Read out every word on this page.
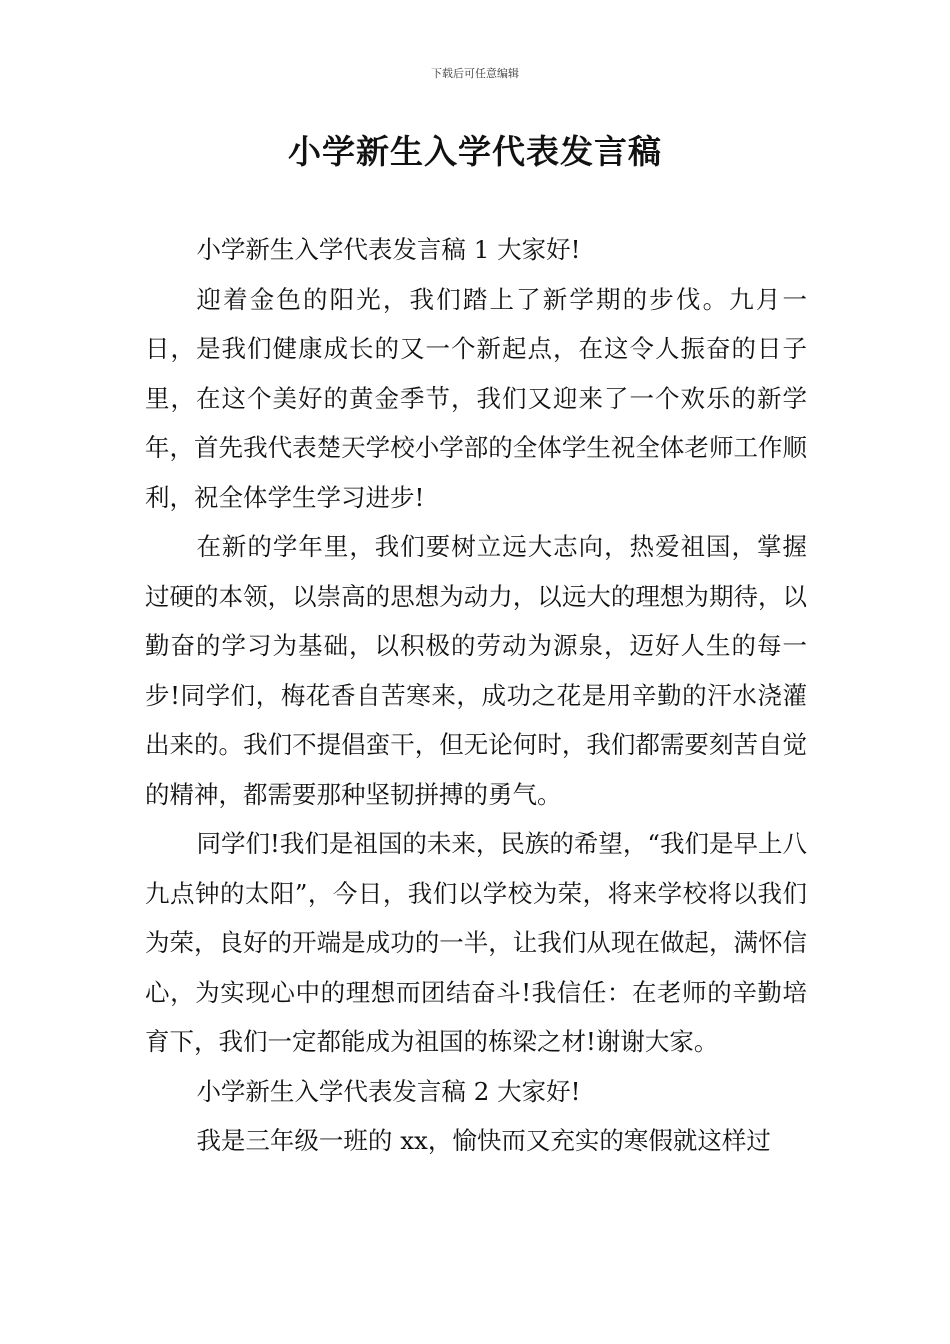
下载后可任意编辑
小学新生入学代表发言稿

小学新生入学代表发言稿 1 大家好!

迎着金色的阳光，我们踏上了新学期的步伐。九月一日，是我们健康成长的又一个新起点，在这令人振奋的日子里，在这个美好的黄金季节，我们又迎来了一个欢乐的新学年，首先我代表楚天学校小学部的全体学生祝全体老师工作顺利，祝全体学生学习进步!

在新的学年里，我们要树立远大志向，热爱祖国，掌握过硬的本领，以崇高的思想为动力，以远大的理想为期待，以勤奋的学习为基础，以积极的劳动为源泉，迈好人生的每一步!同学们，梅花香自苦寒来，成功之花是用辛勤的汗水浇灌出来的。我们不提倡蛮干，但无论何时，我们都需要刻苦自觉的精神，都需要那种坚韧拼搏的勇气。

同学们!我们是祖国的未来，民族的希望，“我们是早上八九点钟的太阳”，今日，我们以学校为荣，将来学校将以我们为荣，良好的开端是成功的一半，让我们从现在做起，满怀信心，为实现心中的理想而团结奋斗!我信任：在老师的辛勤培育下，我们一定都能成为祖国的栋梁之材!谢谢大家。

小学新生入学代表发言稿 2 大家好!

我是三年级一班的 xx，愉快而又充实的寒假就这样过
